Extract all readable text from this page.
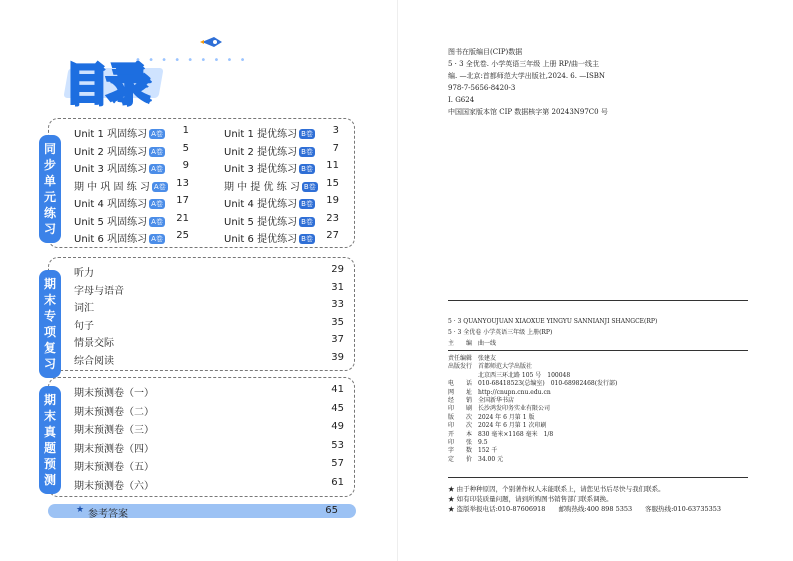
目录
• • • • • • • • •
同步单元练习
Unit 1 巩固练习 A卷	1	Unit 1 提优练习 B卷	3
Unit 2 巩固练习 A卷	5	Unit 2 提优练习 B卷	7
Unit 3 巩固练习 A卷	9	Unit 3 提优练习 B卷	11
期 中 巩 固 练 习 A卷	13	期 中 提 优 练 习 B卷	15
Unit 4 巩固练习 A卷	17	Unit 4 提优练习 B卷	19
Unit 5 巩固练习 A卷	21	Unit 5 提优练习 B卷	23
Unit 6 巩固练习 A卷	25	Unit 6 提优练习 B卷	27
期末专项复习
听力	29
字母与语音	31
词汇	33
句子	35
情景交际	37
综合阅读	39
期末真题预测
期末预测卷（一）	41
期末预测卷（二）	45
期末预测卷（三）	49
期末预测卷（四）	53
期末预测卷（五）	57
期末预测卷（六）	61
★ 参考答案	65
图书在版编目(CIP)数据
5 · 3 全优卷. 小学英语三年级 上册 RP/曲一线主
编. —北京:首都师范大学出版社,2024. 6. —ISBN
978-7-5656-8420-3
Ⅰ. G624
中国国家版本馆 CIP 数据核字第 20243N97C0 号
5 · 3 QUANYOUJUAN XIAOXUE YINGYU SANNIANJI SHANGCE(RP)
5 · 3 全优卷 小学英语三年级 上册(RP)
主　　编　曲一线
责任编辑 张建友
出版发行 首都师范大学出版社
北京西三环北路 105 号　100048
电　　话 010-68418523(总编室)　010-68982468(发行部)
网　　址 http://cnupn.cnu.edu.cn
经　　销 全国新华书店
印　　刷 长沙鸿发印务实业有限公司
版　　次 2024 年 6 月第 1 版
印　　次 2024 年 6 月第 1 次印刷
开　　本 830 毫米×1168 毫米　1/8
印　　张 9.5
字　　数 152 千
定　　价 34.00 元
★ 由于种种原因，个别著作权人未能联系上，请您见书后尽快与我们联系。
★ 如有印装质量问题，请到所购图书销售部门联系调换。
★ 盗版举报电话:010-87606918　　邮购热线:400 898 5353　　客服热线:010-63735353
